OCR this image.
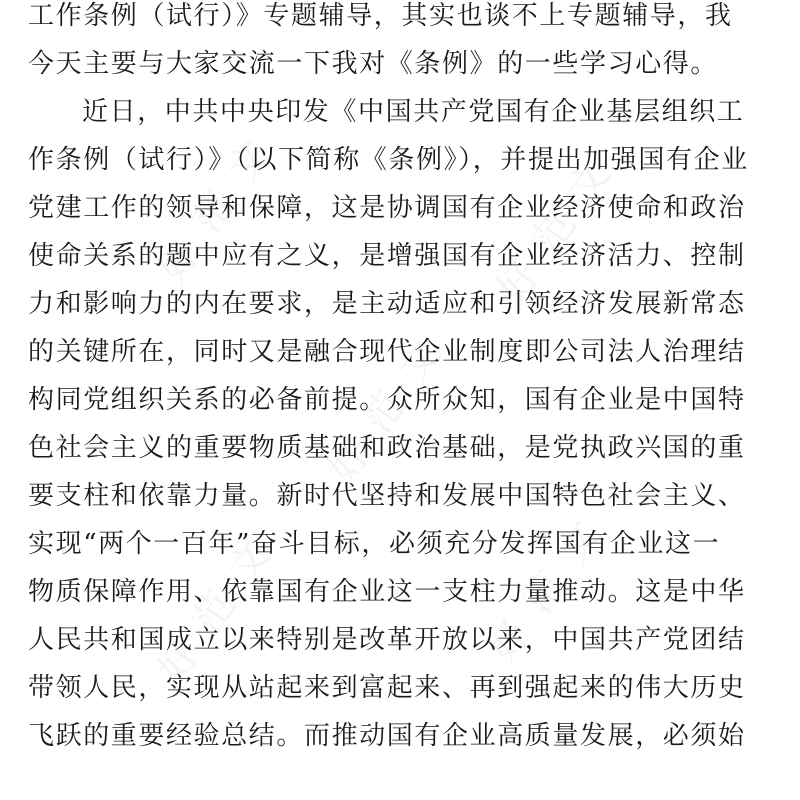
好 范 文	好 范 文
好 范 文
好 范 文	好 范 文
工作条例（试行）》专题辅导，其实也谈不上专题辅导，我
今天主要与大家交流一下我对《条例》的一些学习心得。
近日，中共中央印发《中国共产党国有企业基层组织工
作条例（试行）》（以下简称《条例》），并提出加强国有企业
党建工作的领导和保障，这是协调国有企业经济使命和政治
使命关系的题中应有之义，是增强国有企业经济活力、控制
力和影响力的内在要求，是主动适应和引领经济发展新常态
的关键所在，同时又是融合现代企业制度即公司法人治理结
构同党组织关系的必备前提。众所众知，国有企业是中国特
色社会主义的重要物质基础和政治基础，是党执政兴国的重
要支柱和依靠力量。新时代坚持和发展中国特色社会主义、
实现“两个一百年”奋斗目标，必须充分发挥国有企业这一
物质保障作用、依靠国有企业这一支柱力量推动。这是中华
人民共和国成立以来特别是改革开放以来，中国共产党团结
带领人民，实现从站起来到富起来、再到强起来的伟大历史
飞跃的重要经验总结。而推动国有企业高质量发展，必须始
